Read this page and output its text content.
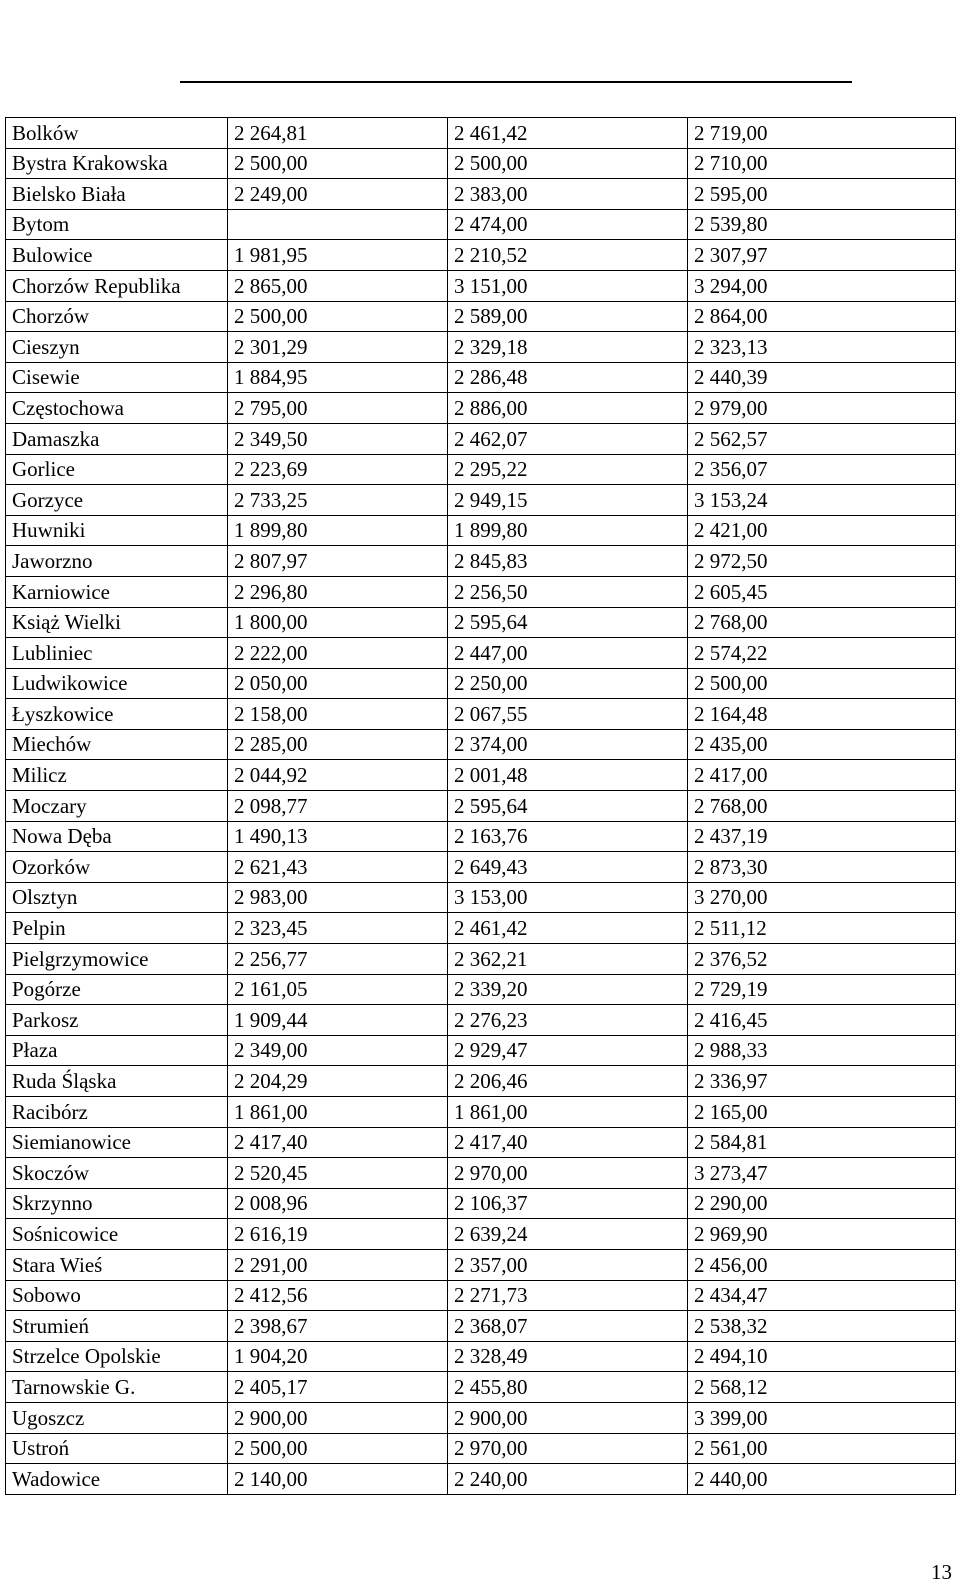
Materiał na Komisję Zdrowia, Rodziny i Opieki Społecznej w dniu 15.03.2012 r.
Pomoc dla osób starszych i niepełnosprawnych
– analiza kosztów gminy na umieszczenia osób w domach pomocy społecznej.
Bolków	2 264,81	2 461,42	2 719,00
Bystra Krakowska	2 500,00	2 500,00	2 710,00
Bielsko Biała	2 249,00	2 383,00	2 595,00
Bytom		2 474,00	2 539,80
Bulowice	1 981,95	2 210,52	2 307,97
Chorzów Republika	2 865,00	3 151,00	3 294,00
Chorzów	2 500,00	2 589,00	2 864,00
Cieszyn	2 301,29	2 329,18	2 323,13
Cisewie	1 884,95	2 286,48	2 440,39
Częstochowa	2 795,00	2 886,00	2 979,00
Damaszka	2 349,50	2 462,07	2 562,57
Gorlice	2 223,69	2 295,22	2 356,07
Gorzyce	2 733,25	2 949,15	3 153,24
Huwniki	1 899,80	1 899,80	2 421,00
Jaworzno	2 807,97	2 845,83	2 972,50
Karniowice	2 296,80	2 256,50	2 605,45
Książ Wielki	1 800,00	2 595,64	2 768,00
Lubliniec	2 222,00	2 447,00	2 574,22
Ludwikowice	2 050,00	2 250,00	2 500,00
Łyszkowice	2 158,00	2 067,55	2 164,48
Miechów	2 285,00	2 374,00	2 435,00
Milicz	2 044,92	2 001,48	2 417,00
Moczary	2 098,77	2 595,64	2 768,00
Nowa Dęba	1 490,13	2 163,76	2 437,19
Ozorków	2 621,43	2 649,43	2 873,30
Olsztyn	2 983,00	3 153,00	3 270,00
Pelpin	2 323,45	2 461,42	2 511,12
Pielgrzymowice	2 256,77	2 362,21	2 376,52
Pogórze	2 161,05	2 339,20	2 729,19
Parkosz	1 909,44	2 276,23	2 416,45
Płaza	2 349,00	2 929,47	2 988,33
Ruda Śląska	2 204,29	2 206,46	2 336,97
Racibórz	1 861,00	1 861,00	2 165,00
Siemianowice	2 417,40	2 417,40	2 584,81
Skoczów	2 520,45	2 970,00	3 273,47
Skrzynno	2 008,96	2 106,37	2 290,00
Sośnicowice	2 616,19	2 639,24	2 969,90
Stara Wieś	2 291,00	2 357,00	2 456,00
Sobowo	2 412,56	2 271,73	2 434,47
Strumień	2 398,67	2 368,07	2 538,32
Strzelce Opolskie	1 904,20	2 328,49	2 494,10
Tarnowskie G.	2 405,17	2 455,80	2 568,12
Ugoszcz	2 900,00	2 900,00	3 399,00
Ustroń	2 500,00	2 970,00	2 561,00
Wadowice	2 140,00	2 240,00	2 440,00
13
